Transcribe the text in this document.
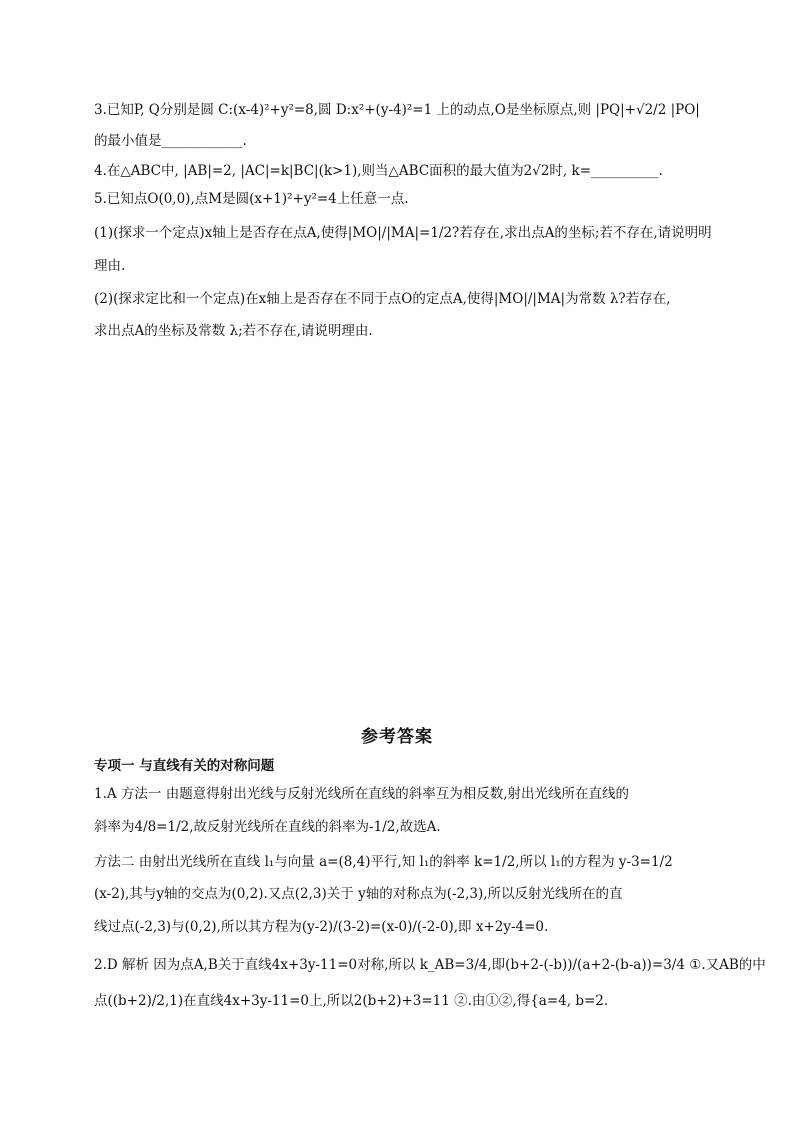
3.已知P, Q分别是圆 C:(x-4)²+y²=8,圆 D:x²+(y-4)²=1 上的动点,O是坐标原点,则 |PQ|+√2/2 |PO|
的最小值是____________.
4.在△ABC中, |AB|=2, |AC|=k|BC|(k>1),则当△ABC面积的最大值为2√2时, k=__________.
5.已知点O(0,0),点M是圆(x+1)²+y²=4上任意一点.
(1)(探求一个定点)x轴上是否存在点A,使得|MO|/|MA|=1/2?若存在,求出点A的坐标;若不存在,请说明明
理由.
(2)(探求定比和一个定点)在x轴上是否存在不同于点O的定点A,使得|MO|/|MA|为常数 λ?若存在,
求出点A的坐标及常数 λ;若不存在,请说明理由.
参考答案
专项一 与直线有关的对称问题
1.A 方法一 由题意得射出光线与反射光线所在直线的斜率互为相反数,射出光线所在直线的
斜率为4/8=1/2,故反射光线所在直线的斜率为-1/2,故选A.
方法二 由射出光线所在直线 l₁与向量 a=(8,4)平行,知 l₁的斜率 k=1/2,所以 l₁的方程为 y-3=1/2
(x-2),其与y轴的交点为(0,2).又点(2,3)关于 y轴的对称点为(-2,3),所以反射光线所在的直
线过点(-2,3)与(0,2),所以其方程为(y-2)/(3-2)=(x-0)/(-2-0),即 x+2y-4=0.
2.D 解析 因为点A,B关于直线4x+3y-11=0对称,所以 k_AB=3/4,即(b+2-(-b))/(a+2-(b-a))=3/4 ①.又AB的中
点((b+2)/2,1)在直线4x+3y-11=0上,所以2(b+2)+3=11 ②.由①②,得{a=4, b=2.
